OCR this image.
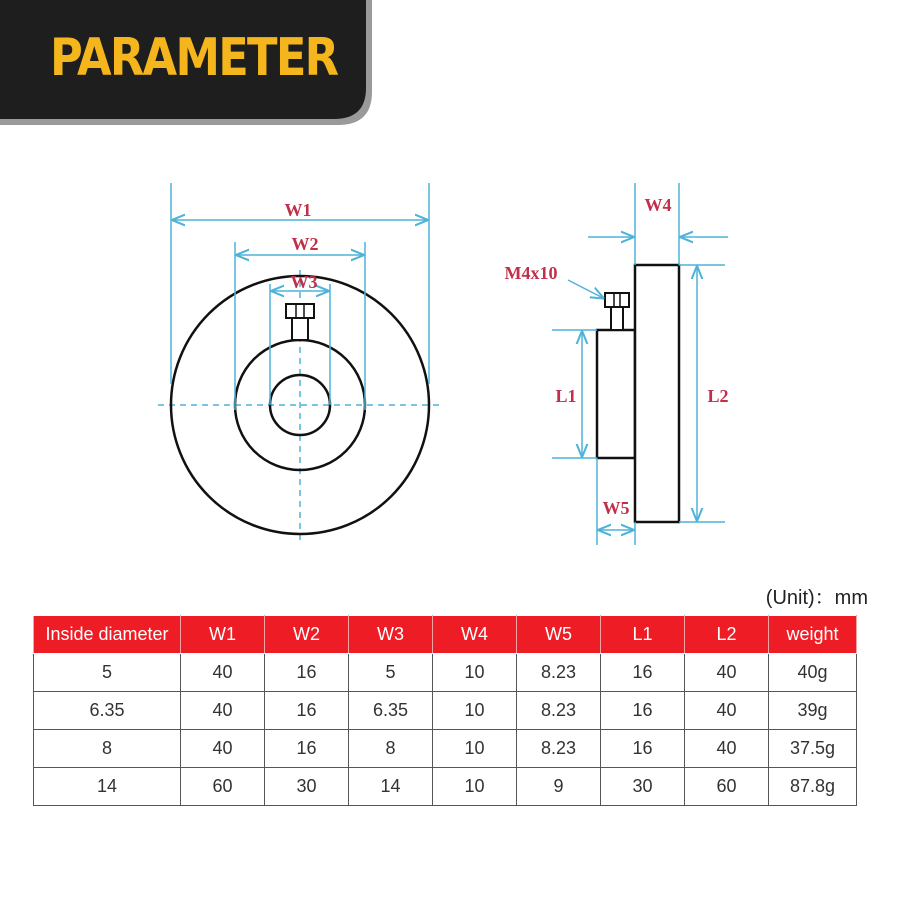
PARAMETER
W1
W2
W3	M4x10
W4
L1	L2
W5
(Unit)：mm
Inside diameter	W1	W2	W3	W4	W5	L1	L2	weight
5	40	16	5	10	8.23	16	40	40g
6.35	40	16	6.35	10	8.23	16	40	39g
8	40	16	8	10	8.23	16	40	37.5g
14	60	30	14	10	9	30	60	87.8g
